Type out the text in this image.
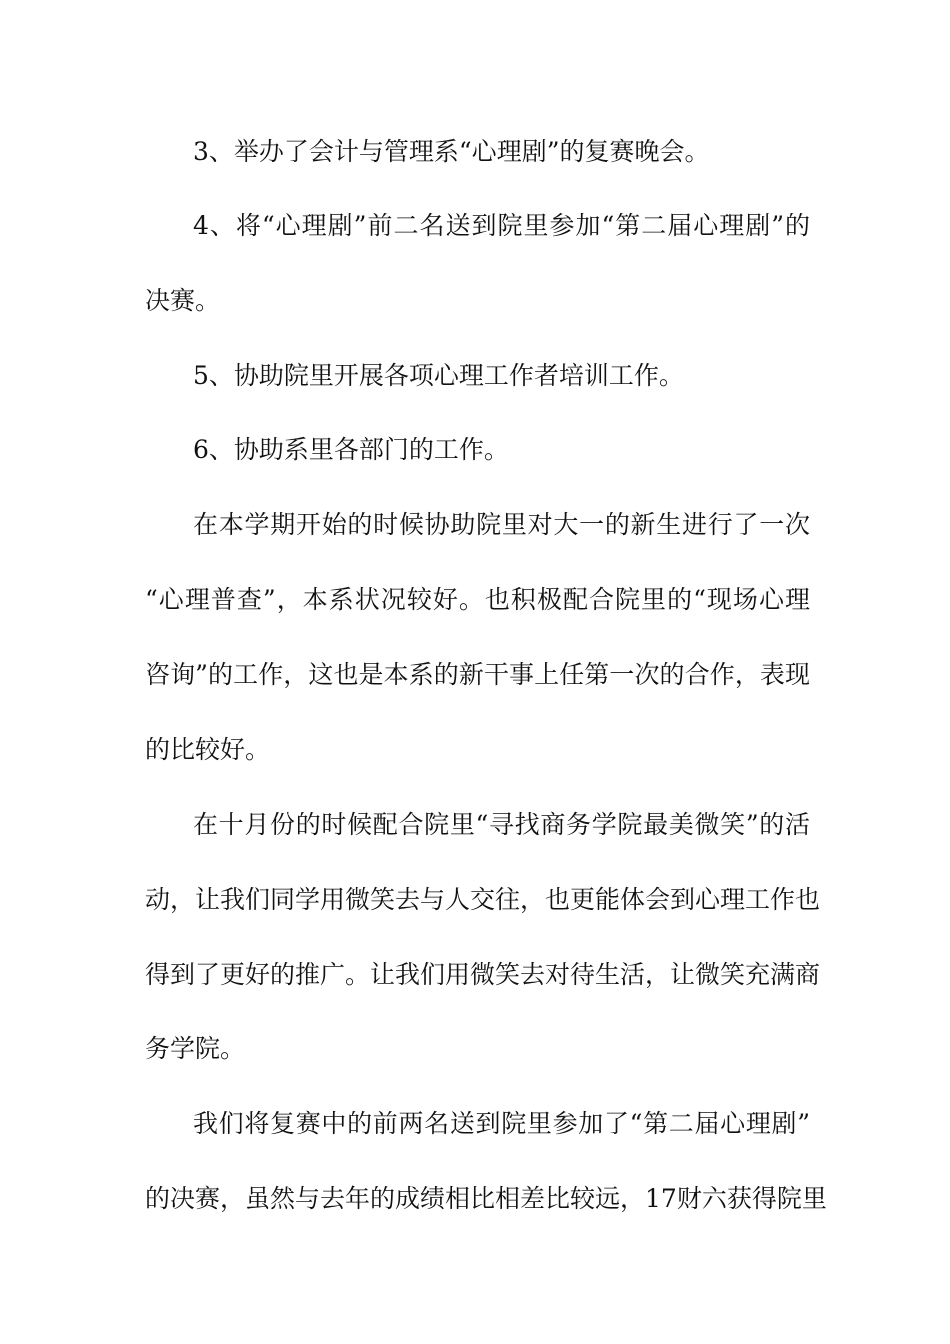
3、举办了会计与管理系“心理剧”的复赛晚会。
4、将“心理剧”前二名送到院里参加“第二届心理剧”的
决赛。
5、协助院里开展各项心理工作者培训工作。
6、协助系里各部门的工作。
在本学期开始的时候协助院里对大一的新生进行了一次
“心理普查”，本系状况较好。也积极配合院里的“现场心理
咨询”的工作，这也是本系的新干事上任第一次的合作，表现
的比较好。
在十月份的时候配合院里“寻找商务学院最美微笑”的活
动，让我们同学用微笑去与人交往，也更能体会到心理工作也
得到了更好的推广。让我们用微笑去对待生活，让微笑充满商
务学院。
我们将复赛中的前两名送到院里参加了“第二届心理剧”
的决赛，虽然与去年的成绩相比相差比较远，17财六获得院里
